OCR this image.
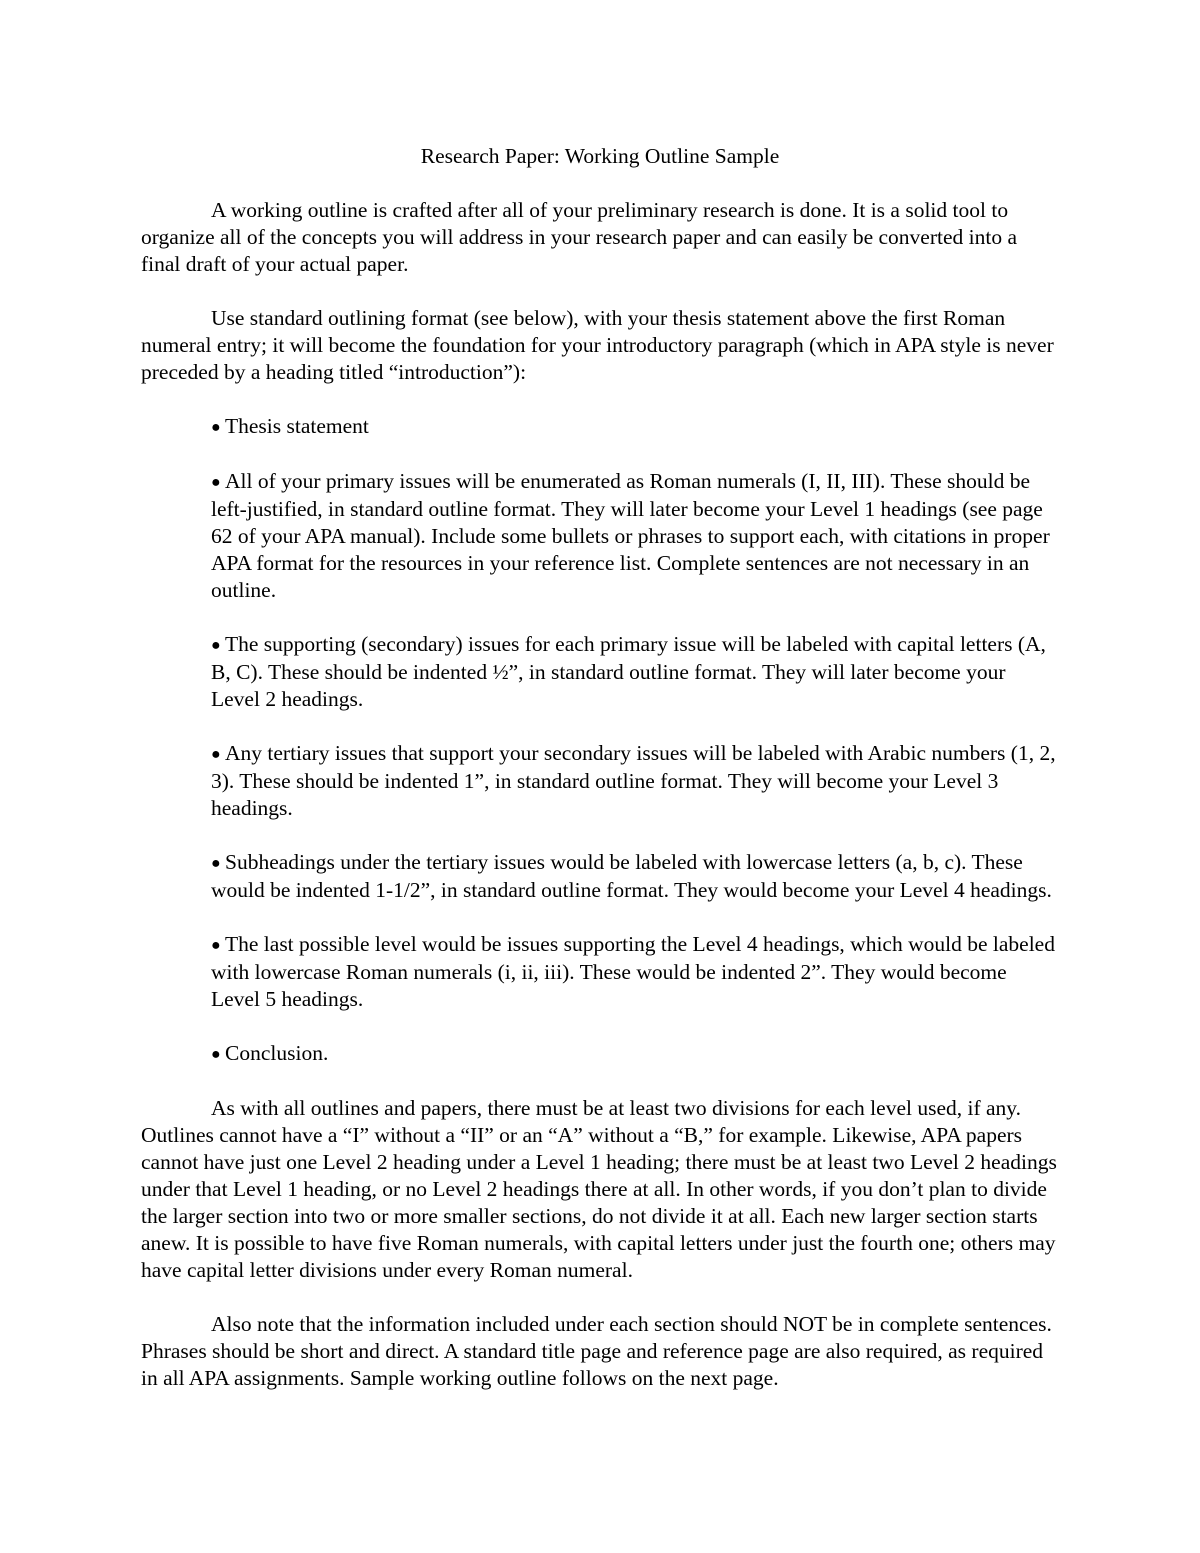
Research Paper: Working Outline Sample

A working outline is crafted after all of your preliminary research is done. It is a solid tool to organize all of the concepts you will address in your research paper and can easily be converted into a final draft of your actual paper.

Use standard outlining format (see below), with your thesis statement above the first Roman numeral entry; it will become the foundation for your introductory paragraph (which in APA style is never preceded by a heading titled “introduction”):

● Thesis statement
● All of your primary issues will be enumerated as Roman numerals (I, II, III). These should be left-justified, in standard outline format. They will later become your Level 1 headings (see page 62 of your APA manual). Include some bullets or phrases to support each, with citations in proper APA format for the resources in your reference list. Complete sentences are not necessary in an outline.
● The supporting (secondary) issues for each primary issue will be labeled with capital letters (A, B, C). These should be indented ½”, in standard outline format. They will later become your Level 2 headings.
● Any tertiary issues that support your secondary issues will be labeled with Arabic numbers (1, 2, 3). These should be indented 1”, in standard outline format. They will become your Level 3 headings.
● Subheadings under the tertiary issues would be labeled with lowercase letters (a, b, c). These would be indented 1-1/2”, in standard outline format. They would become your Level 4 headings.
● The last possible level would be issues supporting the Level 4 headings, which would be labeled with lowercase Roman numerals (i, ii, iii). These would be indented 2”. They would become Level 5 headings.
● Conclusion.

As with all outlines and papers, there must be at least two divisions for each level used, if any. Outlines cannot have a “I” without a “II” or an “A” without a “B,” for example. Likewise, APA papers cannot have just one Level 2 heading under a Level 1 heading; there must be at least two Level 2 headings under that Level 1 heading, or no Level 2 headings there at all. In other words, if you don’t plan to divide the larger section into two or more smaller sections, do not divide it at all. Each new larger section starts anew. It is possible to have five Roman numerals, with capital letters under just the fourth one; others may have capital letter divisions under every Roman numeral.

Also note that the information included under each section should NOT be in complete sentences. Phrases should be short and direct. A standard title page and reference page are also required, as required in all APA assignments. Sample working outline follows on the next page.
